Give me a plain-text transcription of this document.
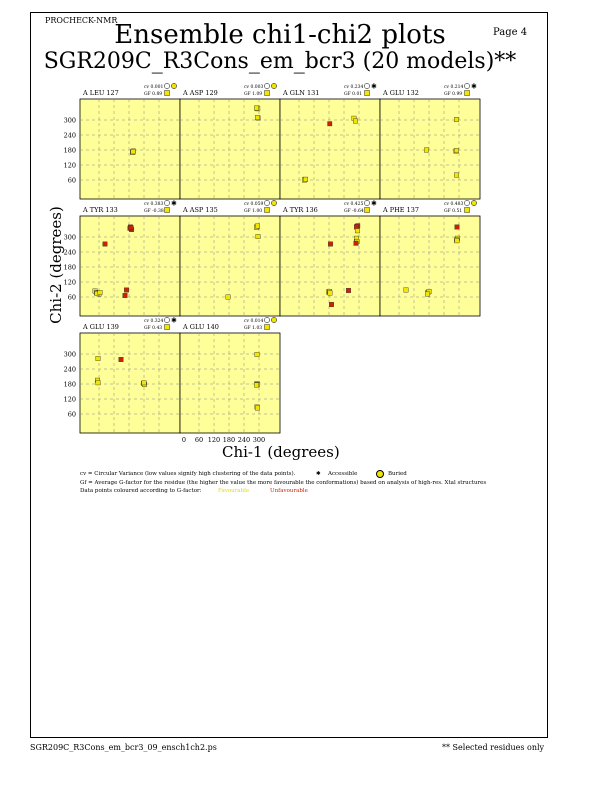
PROCHECK-NMR
Page 4
Ensemble chi1-chi2 plots
SGR209C_R3Cons_em_bcr3 (20 models)**
A LEU 127
cv 0.001
GF 0.89	A ASP 129
cv 0.003
GF 1.09	A GLN 131
cv 0.234
GF 0.01
✱
A GLU 132
cv 0.214
GF 0.99
✱
A TYR 133
cv 0.383
GF -0.38
✱
A ASP 135
cv 0.059
GF 1.00	A TYR 136
cv 0.425
GF -0.64
✱
A PHE 137
cv 0.483
GF 0.51
A GLU 139
cv 0.324
GF 0.43
✱
A GLU 140
cv 0.014
GF 1.03
60
120
180
240
300
60
120
180
240
300
60
120
180
240
300
0 60 120 180 240 300
Chi-2 (degrees)
Chi-1 (degrees)
cv = Circular Variance (low values signify high clustering of the data points).	✱ Accessible	Buried
Gf = Average G-factor for the residue (the higher the value the more favourable the conformations) based on analysis of high-res. Xtal structures
Data points coloured according to G-factor:	Favourable	Unfavourable
SGR209C_R3Cons_em_bcr3_09_ensch1ch2.ps	** Selected residues only
